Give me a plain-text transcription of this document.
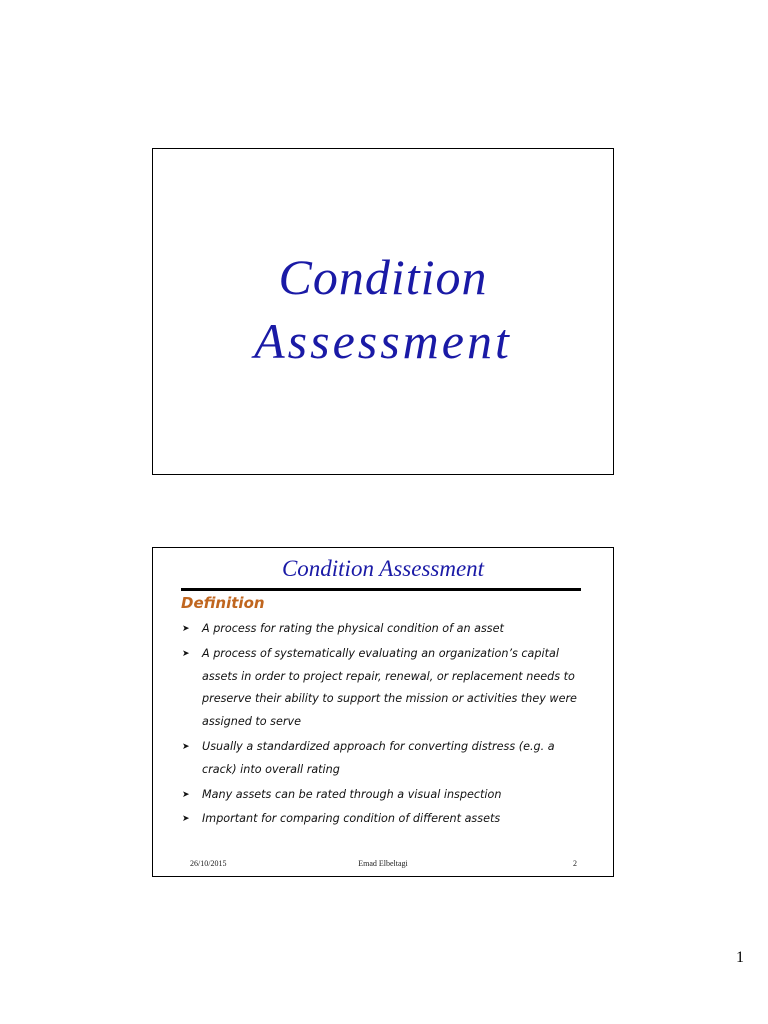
Condition
Assessment
Condition Assessment
Definition
➤ A process for rating the physical condition of an asset
➤ A process of systematically evaluating an organization’s capital assets in order to project repair, renewal, or replacement needs to preserve their ability to support the mission or activities they were assigned to serve
➤ Usually a standardized approach for converting distress (e.g. a crack) into overall rating
➤ Many assets can be rated through a visual inspection
➤ Important for comparing condition of different assets
26/10/2015	Emad Elbeltagi	2
1
